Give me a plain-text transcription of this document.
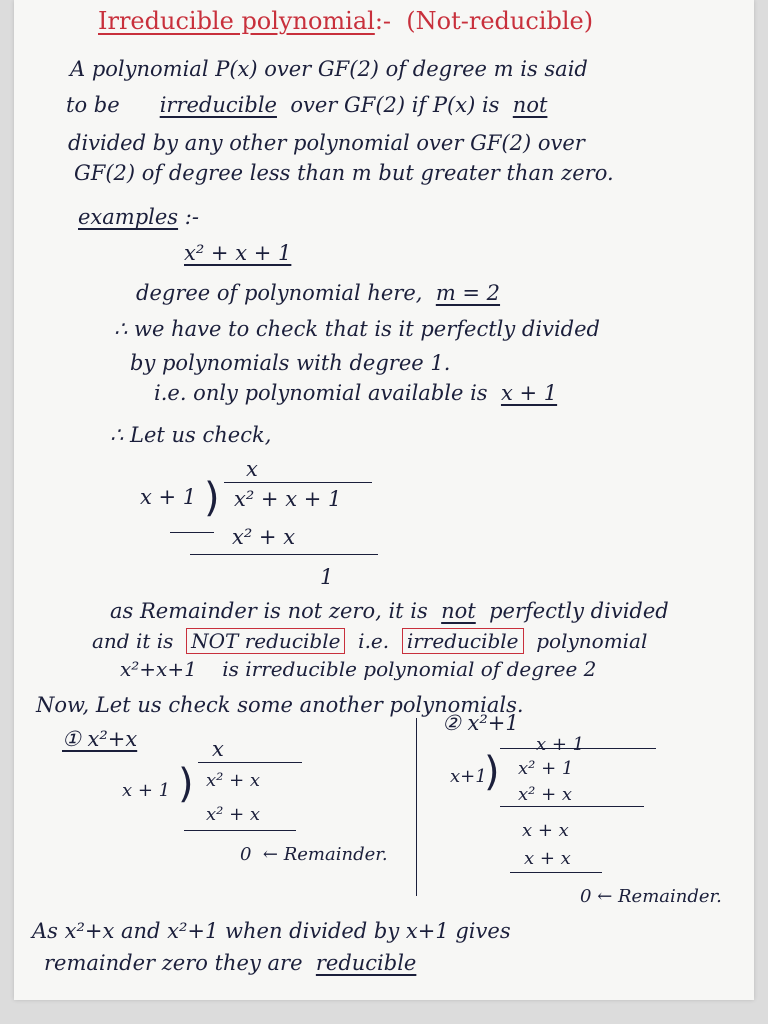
Irreducible polynomial:- (Not-reducible)
A polynomial P(x) over GF(2) of degree m is said
to be irreducible over GF(2) if P(x) is not
divided by any other polynomial over GF(2) over
GF(2) of degree less than m but greater than zero.
examples :-
x² + x + 1
degree of polynomial here, m = 2
∴ we have to check that is it perfectly divided
by polynomials with degree 1.
i.e. only polynomial available is x + 1
∴ Let us check,
x
x + 1 ) x² + x + 1
x² + x
1
as Remainder is not zero, it is not perfectly divided
and it is NOT reducible i.e. irreducible polynomial
x²+x+1 is irreducible polynomial of degree 2
Now, Let us check some another polynomials.
① x²+x	x
x + 1 ) x² + x
x² + x
0 ← Remainder.
② x²+1
x + 1
x+1
) x² + 1
x² + x
x + x
x + x
0 ← Remainder.
As x²+x and x²+1 when divided by x+1 gives
remainder zero they are reducible
